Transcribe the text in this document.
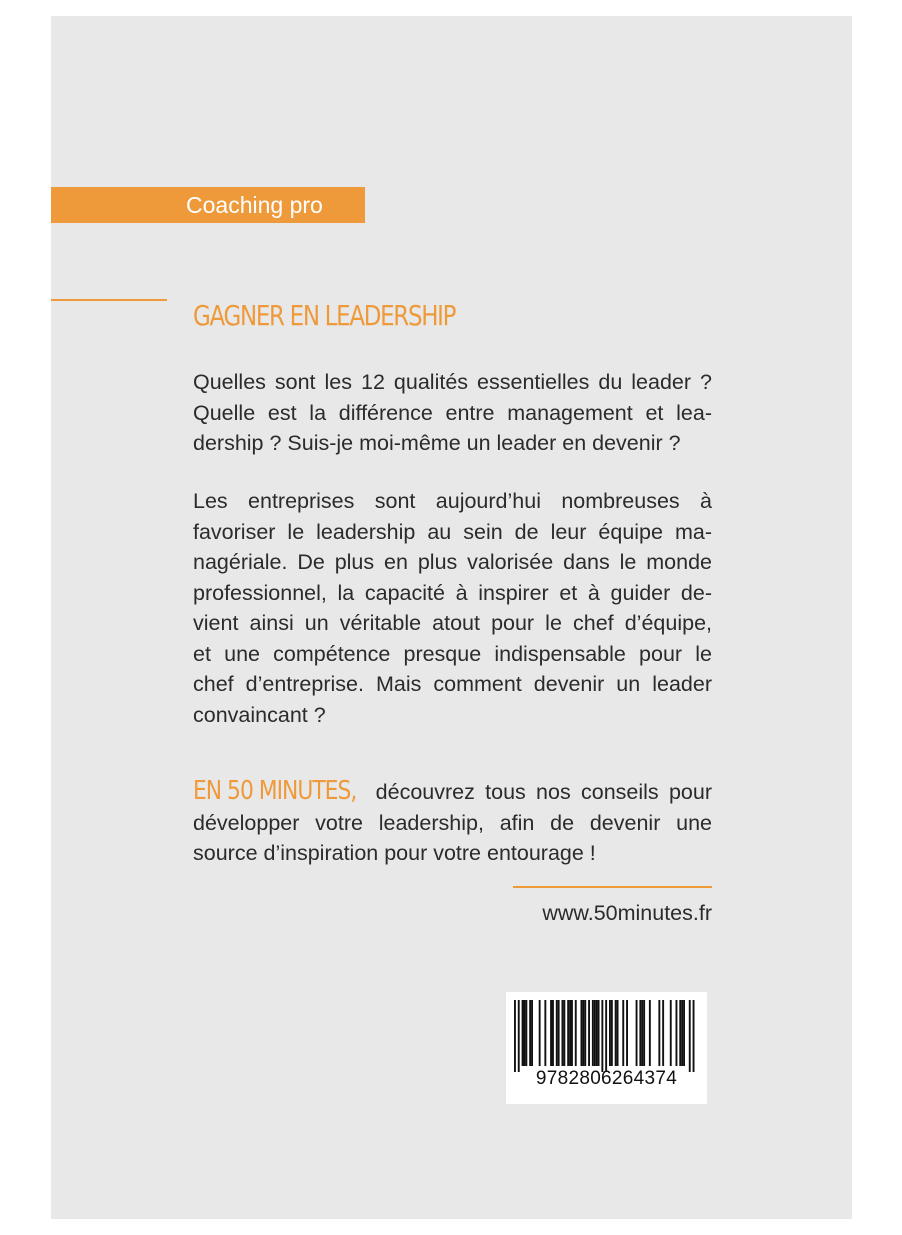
Coaching pro
GAGNER EN LEADERSHIP
Quelles sont les 12 qualités essentielles du leader ?
Quelle est la différence entre management et lea-
dership ? Suis-je moi-même un leader en devenir ?
Les entreprises sont aujourd’hui nombreuses à
favoriser le leadership au sein de leur équipe ma-
nagériale. De plus en plus valorisée dans le monde
professionnel, la capacité à inspirer et à guider de-
vient ainsi un véritable atout pour le chef d’équipe,
et une compétence presque indispensable pour le
chef d’entreprise. Mais comment devenir un leader
convaincant ?
EN 50 MINUTES, découvrez tous nos conseils pour
développer votre leadership, afin de devenir une
source d’inspiration pour votre entourage !
www.50minutes.fr
9782806264374
